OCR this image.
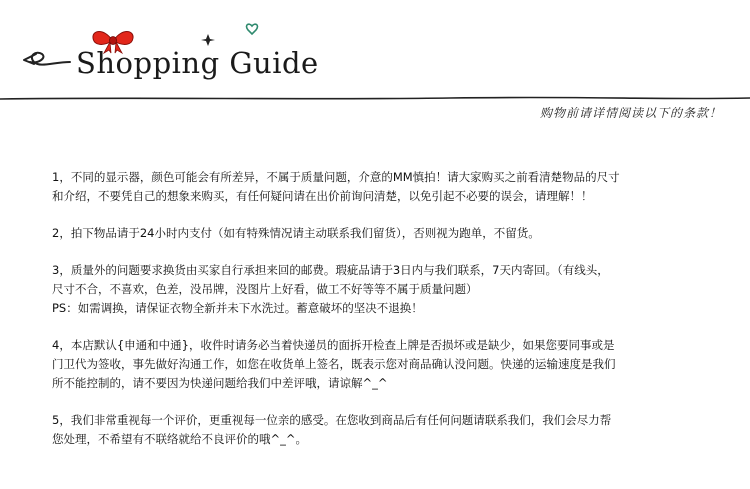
Shopping Guide
购物前请详情阅读以下的条款！
1，不同的显示器，颜色可能会有所差异，不属于质量问题，介意的MM慎拍！请大家购买之前看清楚物品的尺寸
和介绍，不要凭自己的想象来购买，有任何疑问请在出价前询问清楚，以免引起不必要的误会，请理解！！
2，拍下物品请于24小时内支付（如有特殊情况请主动联系我们留货），否则视为跑单，不留货。
3，质量外的问题要求换货由买家自行承担来回的邮费。瑕疵品请于3日内与我们联系，7天内寄回。（有线头，
尺寸不合，不喜欢，色差，没吊牌，没图片上好看，做工不好等等不属于质量问题）
PS：如需调换，请保证衣物全新并未下水洗过。蓄意破坏的坚决不退换！
4，本店默认{申通和中通}，收件时请务必当着快递员的面拆开检查上牌是否损坏或是缺少，如果您要同事或是
门卫代为签收，事先做好沟通工作，如您在收货单上签名，既表示您对商品确认没问题。快递的运输速度是我们
所不能控制的，请不要因为快递问题给我们中差评哦，请谅解^_^
5，我们非常重视每一个评价，更重视每一位亲的感受。在您收到商品后有任何问题请联系我们，我们会尽力帮
您处理，不希望有不联络就给不良评价的哦^_^。
